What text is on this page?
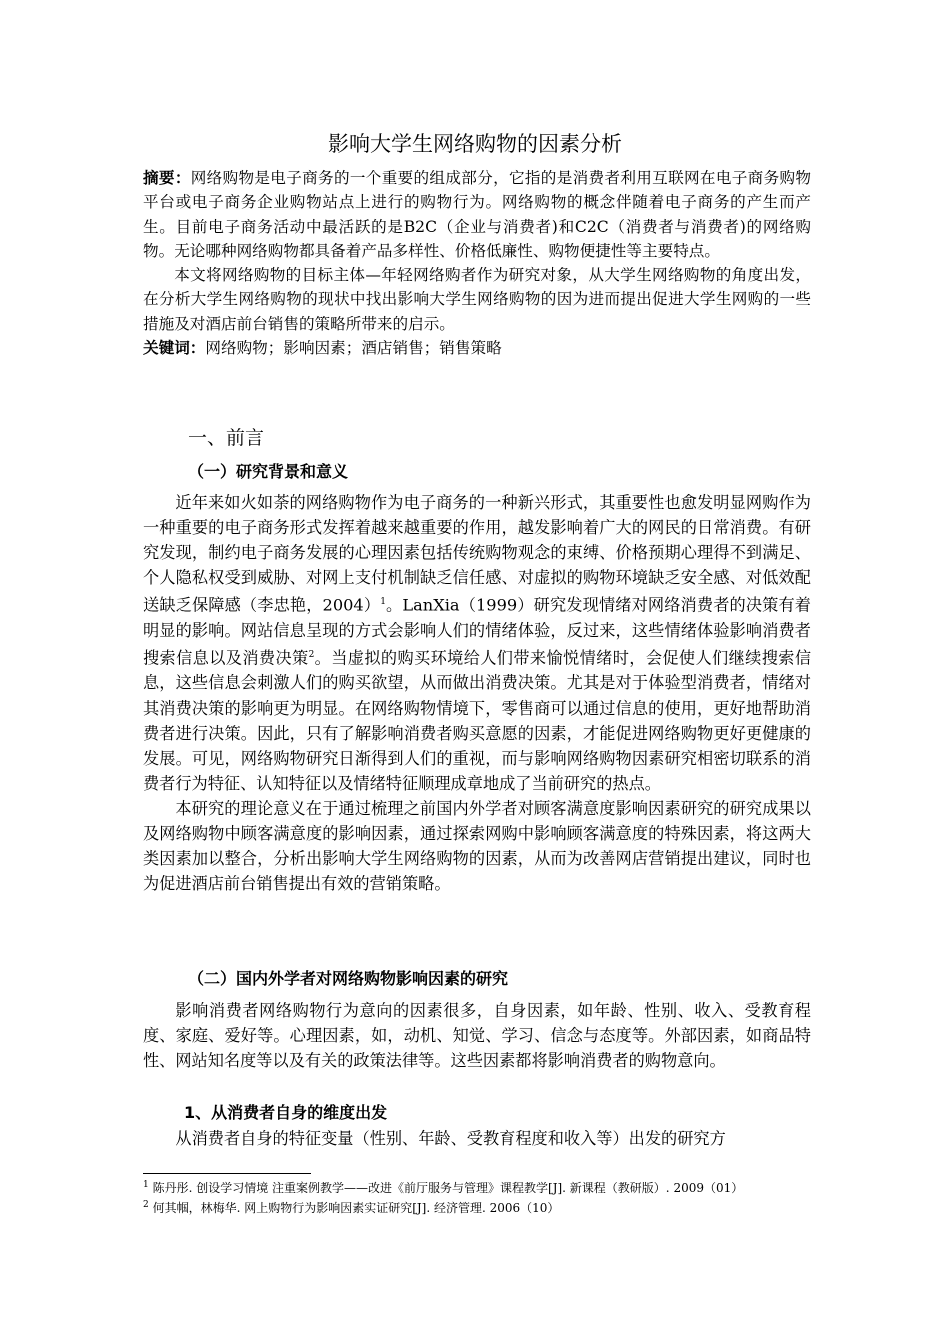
影响大学生网络购物的因素分析

摘要：网络购物是电子商务的一个重要的组成部分，它指的是消费者利用互联网在电子商务购物平台或电子商务企业购物站点上进行的购物行为。网络购物的概念伴随着电子商务的产生而产生。目前电子商务活动中最活跃的是B2C（企业与消费者)和C2C（消费者与消费者)的网络购物。无论哪种网络购物都具备着产品多样性、价格低廉性、购物便捷性等主要特点。

本文将网络购物的目标主体—年轻网络购者作为研究对象，从大学生网络购物的角度出发，在分析大学生网络购物的现状中找出影响大学生网络购物的因为进而提出促进大学生网购的一些措施及对酒店前台销售的策略所带来的启示。

关键词：网络购物；影响因素；酒店销售；销售策略

一、前言
（一）研究背景和意义

近年来如火如荼的网络购物作为电子商务的一种新兴形式，其重要性也愈发明显网购作为一种重要的电子商务形式发挥着越来越重要的作用，越发影响着广大的网民的日常消费。有研究发现，制约电子商务发展的心理因素包括传统购物观念的束缚、价格预期心理得不到满足、个人隐私权受到威胁、对网上支付机制缺乏信任感、对虚拟的购物环境缺乏安全感、对低效配送缺乏保障感（李忠艳，2004）$^1$。LanXia（1999）研究发现情绪对网络消费者的决策有着明显的影响。网站信息呈现的方式会影响人们的情绪体验，反过来，这些情绪体验影响消费者搜索信息以及消费决策$^2$。当虚拟的购买环境给人们带来愉悦情绪时，会促使人们继续搜索信息，这些信息会刺激人们的购买欲望，从而做出消费决策。尤其是对于体验型消费者，情绪对其消费决策的影响更为明显。在网络购物情境下，零售商可以通过信息的使用，更好地帮助消费者进行决策。因此，只有了解影响消费者购买意愿的因素，才能促进网络购物更好更健康的发展。可见，网络购物研究日渐得到人们的重视，而与影响网络购物因素研究相密切联系的消费者行为特征、认知特征以及情绪特征顺理成章地成了当前研究的热点。

本研究的理论意义在于通过梳理之前国内外学者对顾客满意度影响因素研究的研究成果以及网络购物中顾客满意度的影响因素，通过探索网购中影响顾客满意度的特殊因素，将这两大类因素加以整合，分析出影响大学生网络购物的因素，从而为改善网店营销提出建议，同时也为促进酒店前台销售提出有效的营销策略。

（二）国内外学者对网络购物影响因素的研究

影响消费者网络购物行为意向的因素很多，自身因素，如年龄、性别、收入、受教育程度、家庭、爱好等。心理因素，如，动机、知觉、学习、信念与态度等。外部因素，如商品特性、网站知名度等以及有关的政策法律等。这些因素都将影响消费者的购物意向。

1、从消费者自身的维度出发

从消费者自身的特征变量（性别、年龄、受教育程度和收入等）出发的研究方

$^1$ 陈丹彤. 创设学习情境 注重案例教学——改进《前厅服务与管理》课程教学[J]. 新课程（教研版）. 2009（01）
$^2$ 何其帼，林梅华. 网上购物行为影响因素实证研究[J]. 经济管理. 2006（10）
